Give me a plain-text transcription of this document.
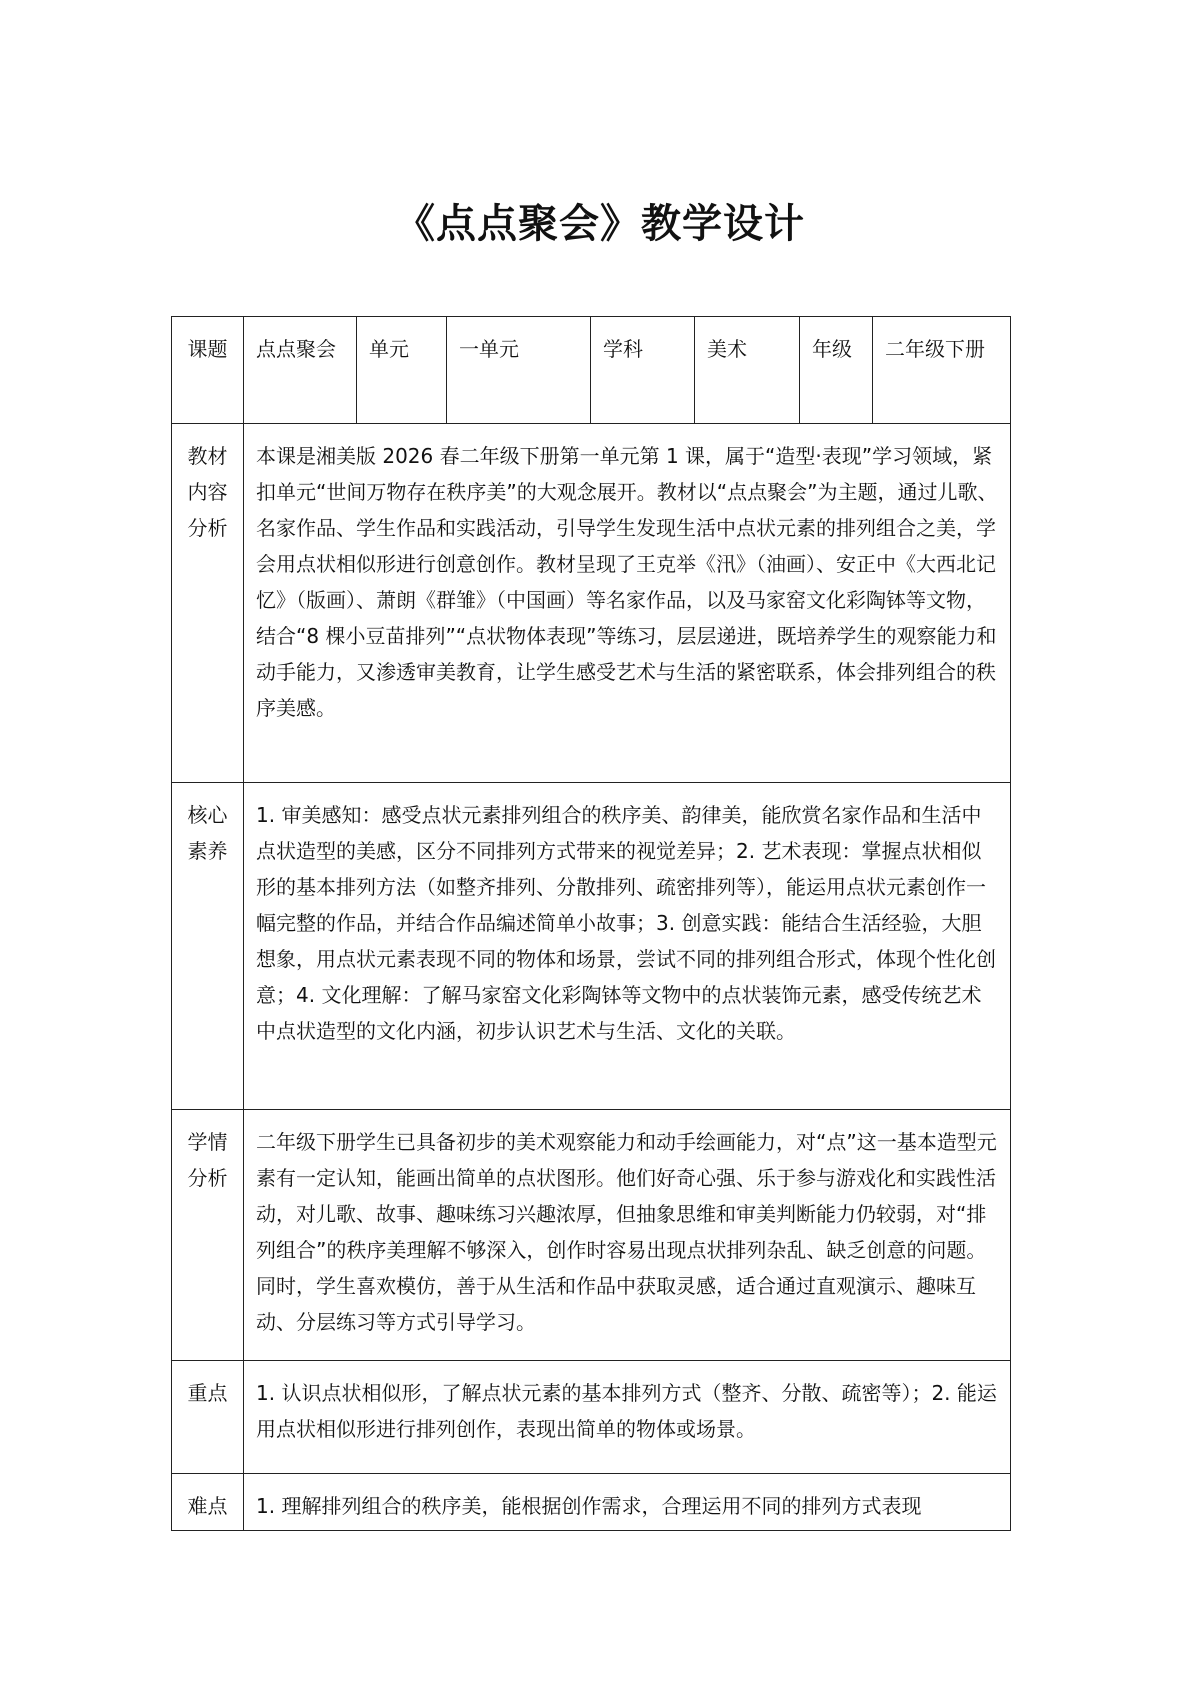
《点点聚会》教学设计
课题	点点聚会	单元	一单元	学科	美术	年级	二年级下册
教材内容分析	本课是湘美版 2026 春二年级下册第一单元第 1 课，属于“造型·表现”学习领域，紧扣单元“世间万物存在秩序美”的大观念展开。教材以“点点聚会”为主题，通过儿歌、名家作品、学生作品和实践活动，引导学生发现生活中点状元素的排列组合之美，学会用点状相似形进行创意创作。教材呈现了王克举《汛》（油画）、安正中《大西北记忆》（版画）、萧朗《群雏》（中国画）等名家作品，以及马家窑文化彩陶钵等文物，结合“8 棵小豆苗排列”“点状物体表现”等练习，层层递进，既培养学生的观察能力和动手能力，又渗透审美教育，让学生感受艺术与生活的紧密联系，体会排列组合的秩序美感。						
核心素养	1. 审美感知：感受点状元素排列组合的秩序美、韵律美，能欣赏名家作品和生活中点状造型的美感，区分不同排列方式带来的视觉差异；2. 艺术表现：掌握点状相似形的基本排列方法（如整齐排列、分散排列、疏密排列等），能运用点状元素创作一幅完整的作品，并结合作品编述简单小故事；3. 创意实践：能结合生活经验，大胆想象，用点状元素表现不同的物体和场景，尝试不同的排列组合形式，体现个性化创意；4. 文化理解：了解马家窑文化彩陶钵等文物中的点状装饰元素，感受传统艺术中点状造型的文化内涵，初步认识艺术与生活、文化的关联。						
学情分析	二年级下册学生已具备初步的美术观察能力和动手绘画能力，对“点”这一基本造型元素有一定认知，能画出简单的点状图形。他们好奇心强、乐于参与游戏化和实践性活动，对儿歌、故事、趣味练习兴趣浓厚，但抽象思维和审美判断能力仍较弱，对“排列组合”的秩序美理解不够深入，创作时容易出现点状排列杂乱、缺乏创意的问题。同时，学生喜欢模仿，善于从生活和作品中获取灵感，适合通过直观演示、趣味互动、分层练习等方式引导学习。						
重点	1. 认识点状相似形，了解点状元素的基本排列方式（整齐、分散、疏密等）；2. 能运用点状相似形进行排列创作，表现出简单的物体或场景。						
难点	1. 理解排列组合的秩序美，能根据创作需求，合理运用不同的排列方式表现						
